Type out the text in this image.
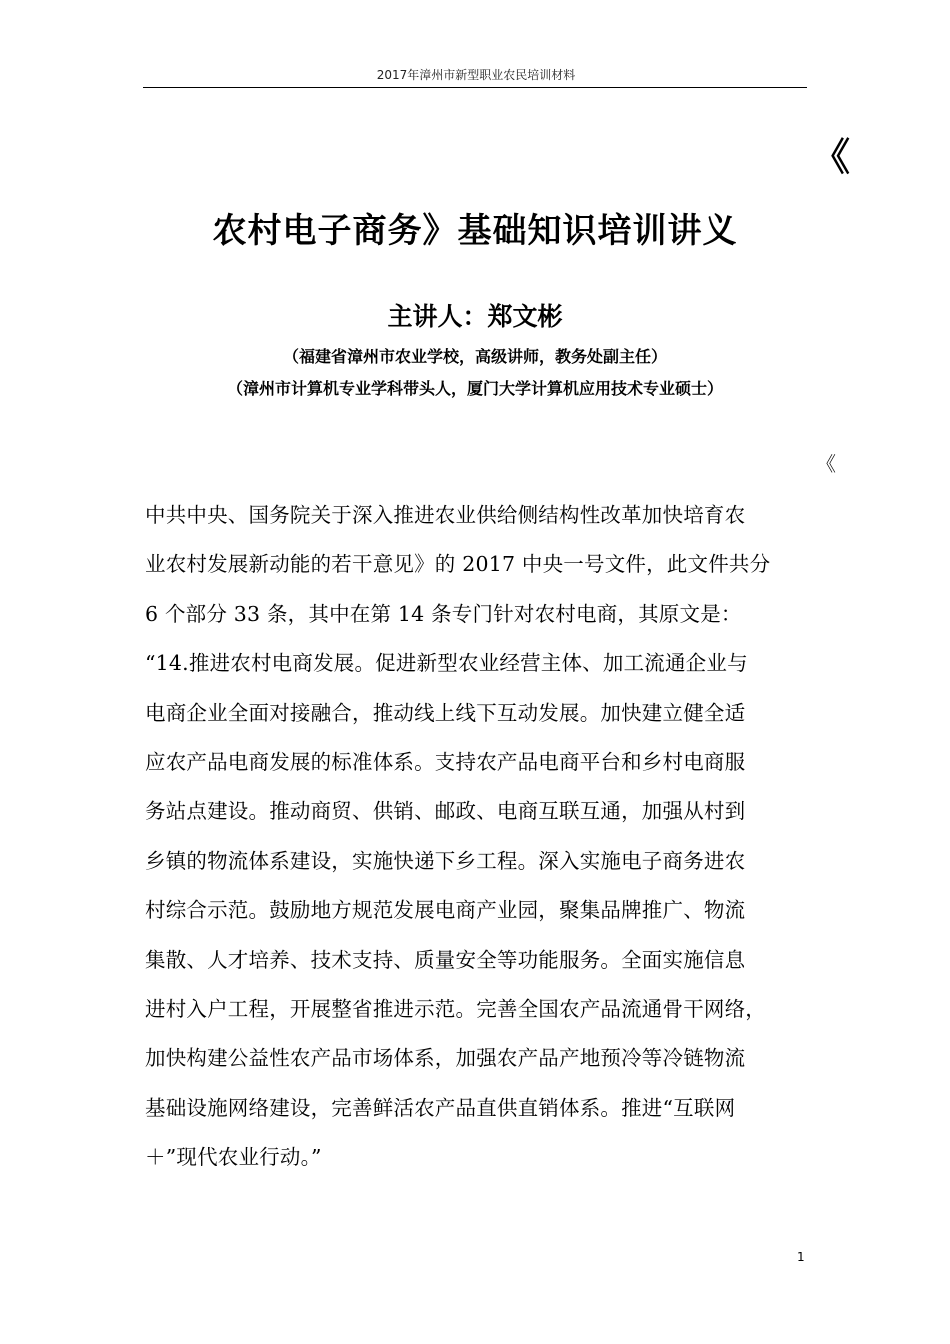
2017年漳州市新型职业农民培训材料
《
农村电子商务》基础知识培训讲义
主讲人：郑文彬
（福建省漳州市农业学校，高级讲师，教务处副主任）
（漳州市计算机专业学科带头人，厦门大学计算机应用技术专业硕士）
《
中共中央、国务院关于深入推进农业供给侧结构性改革加快培育农
业农村发展新动能的若干意见》的 2017 中央一号文件，此文件共分
6 个部分 33 条，其中在第 14 条专门针对农村电商，其原文是：
“14.推进农村电商发展。促进新型农业经营主体、加工流通企业与
电商企业全面对接融合，推动线上线下互动发展。加快建立健全适
应农产品电商发展的标准体系。支持农产品电商平台和乡村电商服
务站点建设。推动商贸、供销、邮政、电商互联互通，加强从村到
乡镇的物流体系建设，实施快递下乡工程。深入实施电子商务进农
村综合示范。鼓励地方规范发展电商产业园，聚集品牌推广、物流
集散、人才培养、技术支持、质量安全等功能服务。全面实施信息
进村入户工程，开展整省推进示范。完善全国农产品流通骨干网络，
加快构建公益性农产品市场体系，加强农产品产地预冷等冷链物流
基础设施网络建设，完善鲜活农产品直供直销体系。推进“互联网
＋”现代农业行动。”
1
